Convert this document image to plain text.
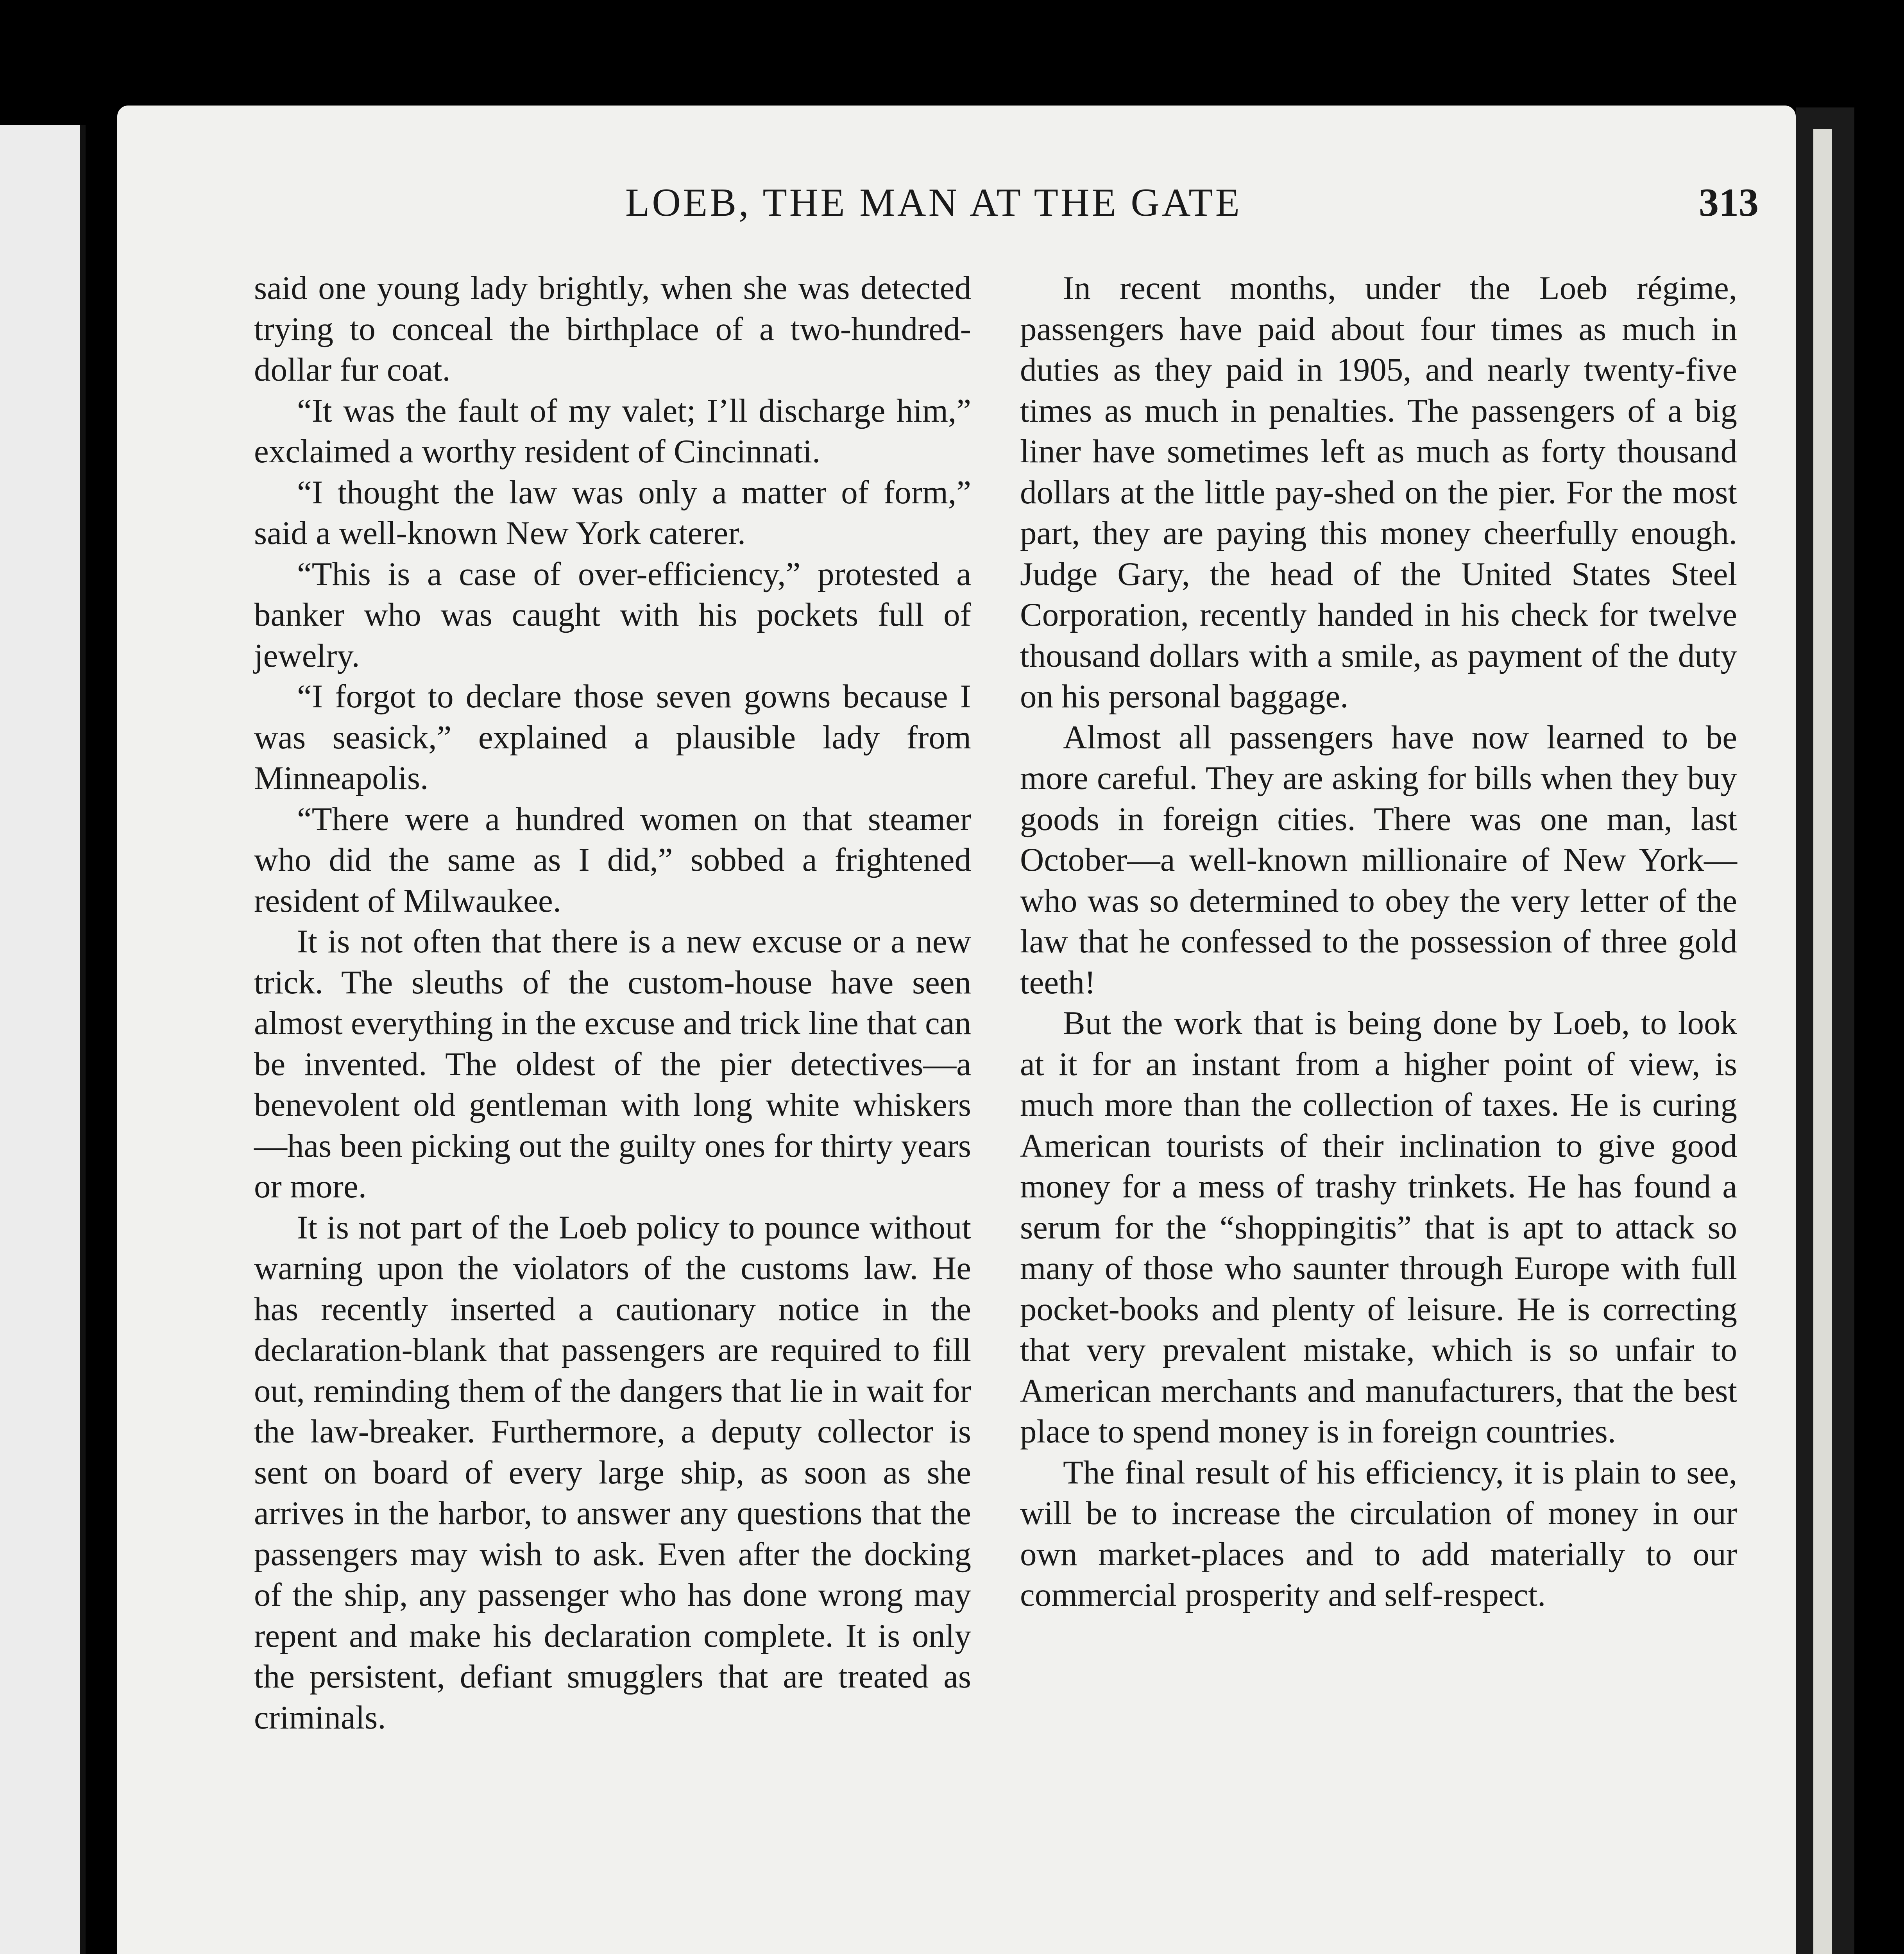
LOEB, THE MAN AT THE GATE	313

said one young lady brightly, when she was detected trying to conceal the birthplace of a two-hundred-dollar fur coat.

“It was the fault of my valet; I’ll discharge him,” exclaimed a worthy resident of Cincinnati.

“I thought the law was only a matter of form,” said a well-known New York caterer.

“This is a case of over-efficiency,” protested a banker who was caught with his pockets full of jewelry.

“I forgot to declare those seven gowns because I was seasick,” explained a plausible lady from Minneapolis.

“There were a hundred women on that steamer who did the same as I did,” sobbed a frightened resident of Milwaukee.

It is not often that there is a new excuse or a new trick. The sleuths of the custom-house have seen almost everything in the excuse and trick line that can be invented. The oldest of the pier detectives—a benevolent old gentleman with long white whiskers —has been picking out the guilty ones for thirty years or more.

It is not part of the Loeb policy to pounce without warning upon the violators of the customs law. He has recently inserted a cautionary notice in the declaration-blank that passengers are required to fill out, reminding them of the dangers that lie in wait for the law-breaker. Furthermore, a deputy collector is sent on board of every large ship, as soon as she arrives in the harbor, to answer any questions that the passengers may wish to ask. Even after the docking of the ship, any passenger who has done wrong may repent and make his declaration complete. It is only the persistent, defiant smugglers that are treated as criminals.

In recent months, under the Loeb régime, passengers have paid about four times as much in duties as they paid in 1905, and nearly twenty-five times as much in penalties. The passengers of a big liner have sometimes left as much as forty thousand dollars at the little pay-shed on the pier. For the most part, they are paying this money cheerfully enough. Judge Gary, the head of the United States Steel Corporation, recently handed in his check for twelve thousand dollars with a smile, as payment of the duty on his personal baggage.

Almost all passengers have now learned to be more careful. They are asking for bills when they buy goods in foreign cities. There was one man, last October—a well-known millionaire of New York—who was so determined to obey the very letter of the law that he confessed to the possession of three gold teeth!

But the work that is being done by Loeb, to look at it for an instant from a higher point of view, is much more than the collection of taxes. He is curing American tourists of their inclination to give good money for a mess of trashy trinkets. He has found a serum for the “shoppingitis” that is apt to attack so many of those who saunter through Europe with full pocket-books and plenty of leisure. He is correcting that very prevalent mistake, which is so unfair to American merchants and manufacturers, that the best place to spend money is in foreign countries.

The final result of his efficiency, it is plain to see, will be to increase the circulation of money in our own market-places and to add materially to our commercial prosperity and self-respect.
